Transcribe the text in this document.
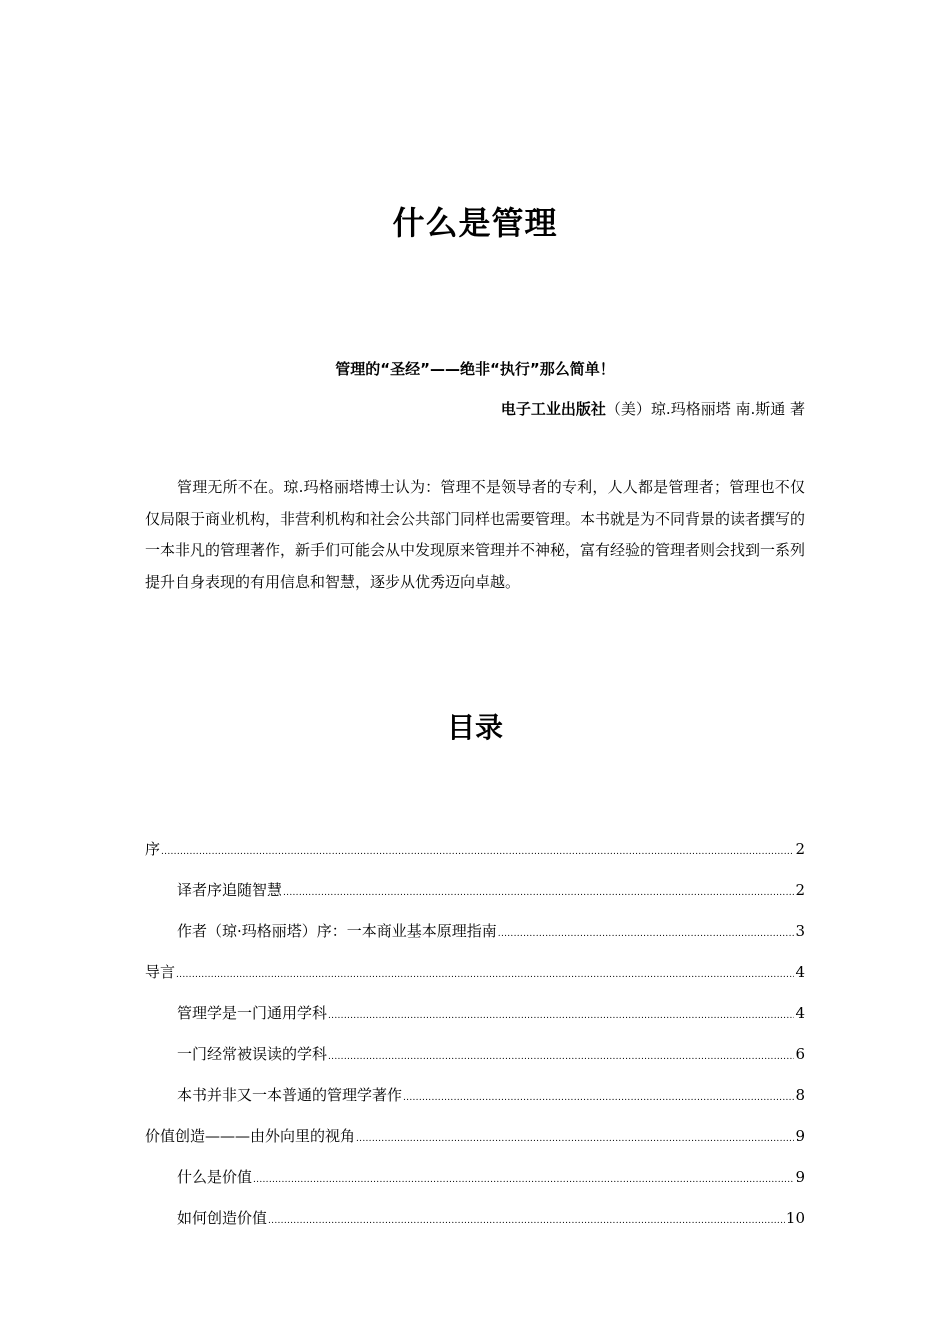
什么是管理
管理的“圣经”——绝非“执行”那么简单！
电子工业出版社（美）琼.玛格丽塔 南.斯通 著

管理无所不在。琼.玛格丽塔博士认为：管理不是领导者的专利，人人都是管理者；管理也不仅仅局限于商业机构，非营利机构和社会公共部门同样也需要管理。本书就是为不同背景的读者撰写的一本非凡的管理著作，新手们可能会从中发现原来管理并不神秘，富有经验的管理者则会找到一系列提升自身表现的有用信息和智慧，逐步从优秀迈向卓越。

目录
序 .....	2
译者序追随智慧 .....	2
作者（琼·玛格丽塔）序：一本商业基本原理指南 .....	3
导言 .....	4
管理学是一门通用学科 .....	4
一门经常被误读的学科 .....	6
本书并非又一本普通的管理学著作 .....	8
价值创造———由外向里的视角 .....	9
什么是价值 .....	9
如何创造价值 .....	10
